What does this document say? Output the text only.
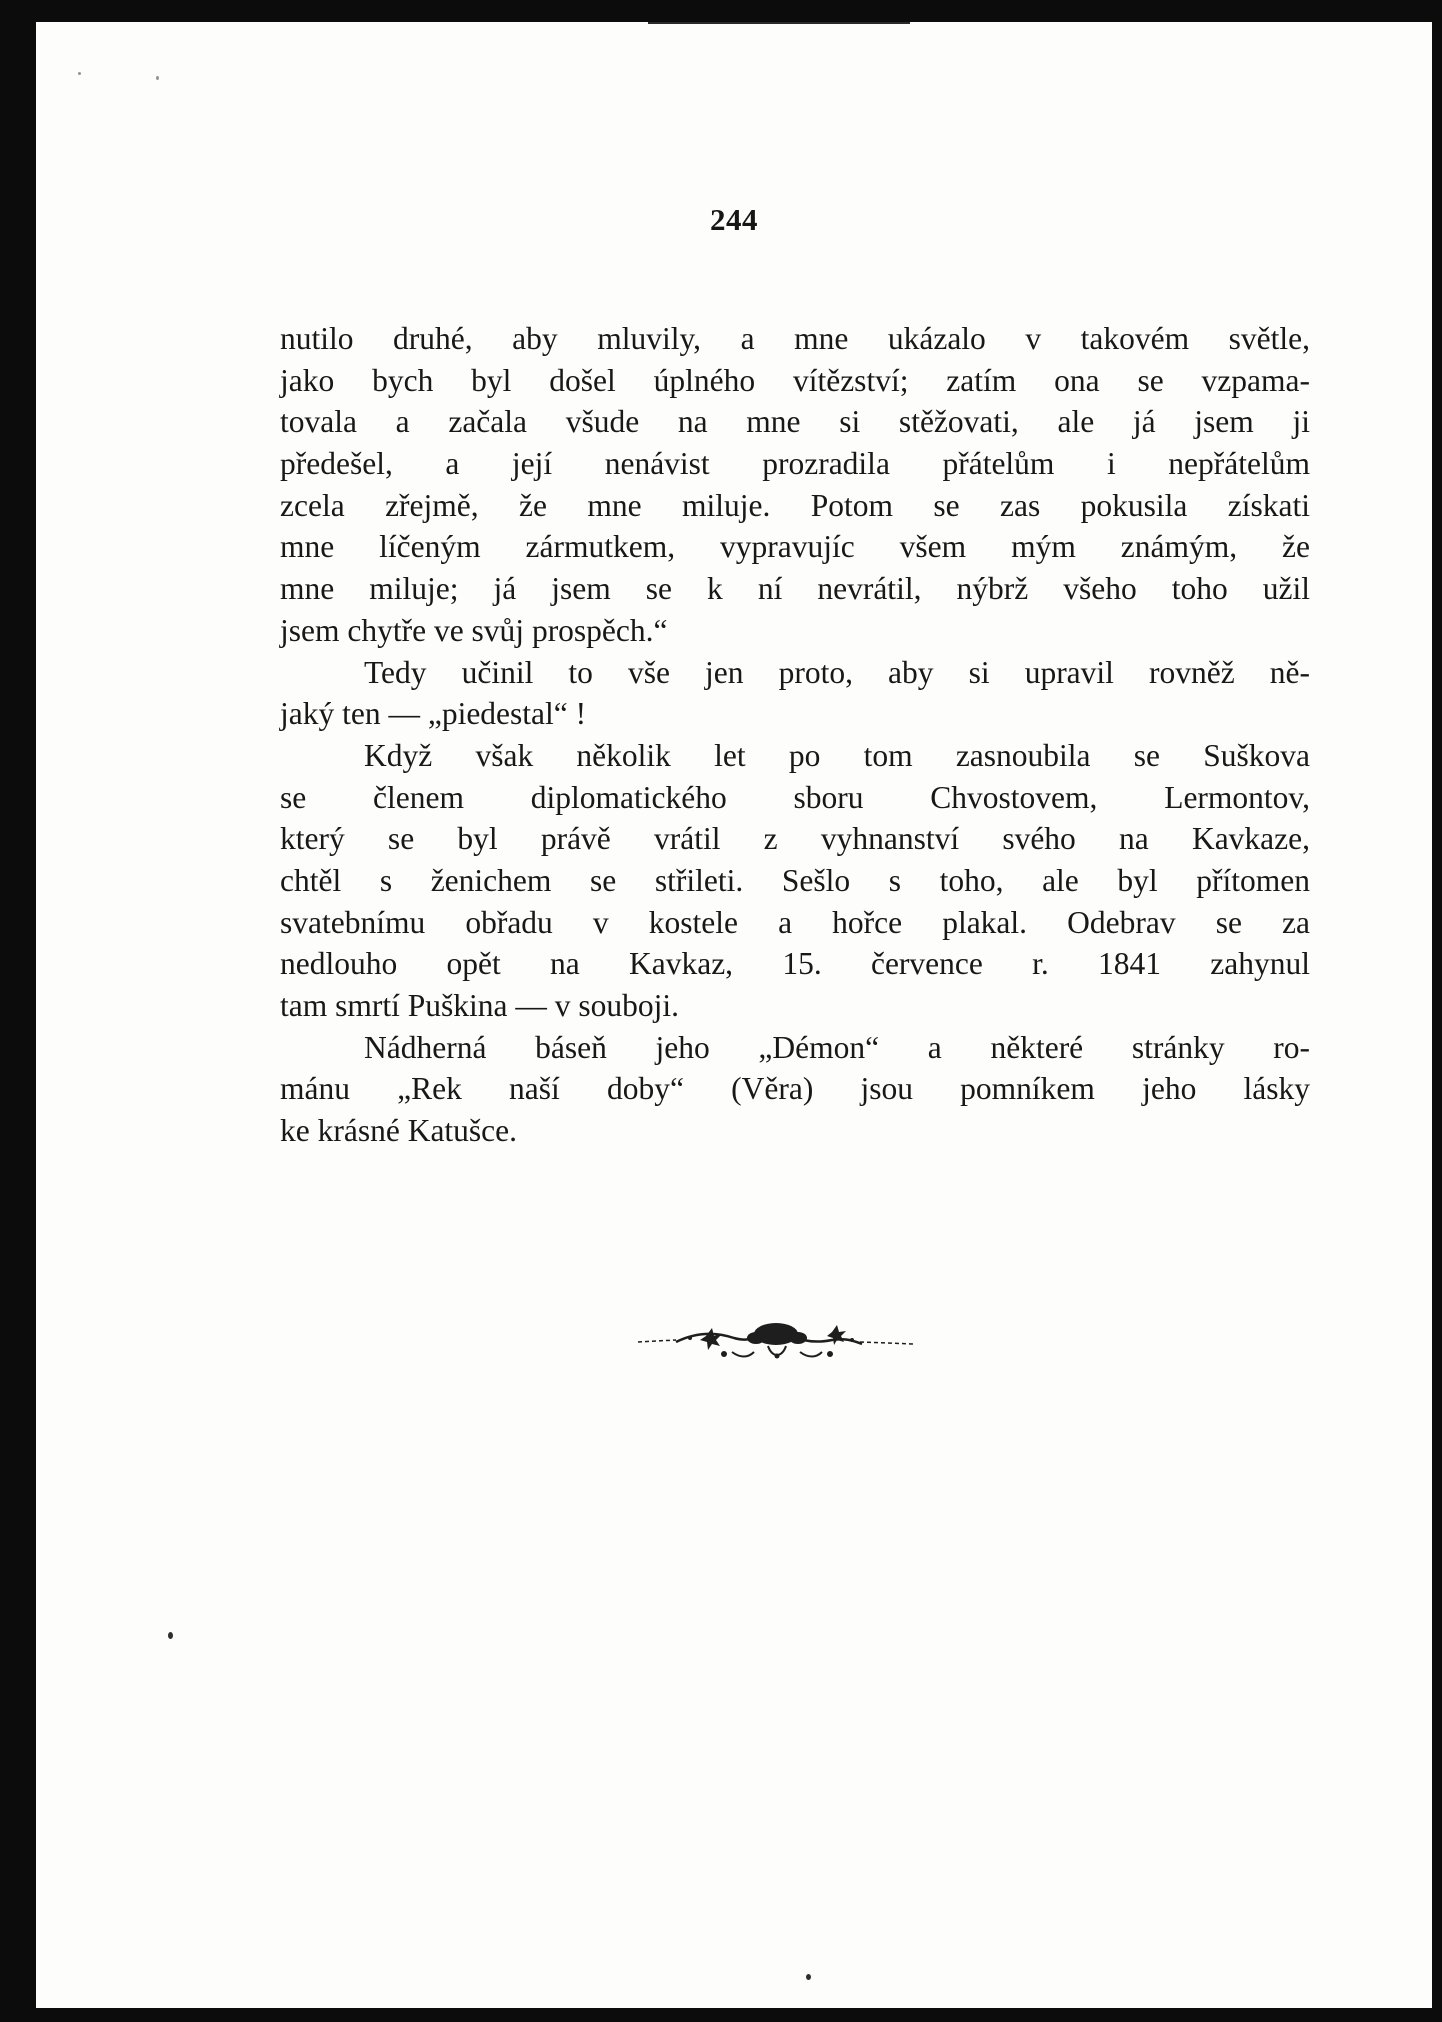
244
nutilo druhé, aby mluvily, a mne ukázalo v takovém světle,
jako bych byl došel úplného vítězství; zatím ona se vzpama-
tovala a začala všude na mne si stěžovati, ale já jsem ji
předešel, a její nenávist prozradila přátelům i nepřátelům
zcela zřejmě, že mne miluje. Potom se zas pokusila získati
mne líčeným zármutkem, vypravujíc všem mým známým, že
mne miluje; já jsem se k ní nevrátil, nýbrž všeho toho užil
jsem chytře ve svůj prospěch.“
Tedy učinil to vše jen proto, aby si upravil rovněž ně-
jaký ten — „piedestal“ !
Když však několik let po tom zasnoubila se Suškova
se členem diplomatického sboru Chvostovem, Lermontov,
který se byl právě vrátil z vyhnanství svého na Kavkaze,
chtěl s ženichem se střileti. Sešlo s toho, ale byl přítomen
svatebnímu obřadu v kostele a hořce plakal. Odebrav se za
nedlouho opět na Kavkaz, 15. července r. 1841 zahynul
tam smrtí Puškina — v souboji.
Nádherná báseň jeho „Démon“ a některé stránky ro-
mánu „Rek naší doby“ (Věra) jsou pomníkem jeho lásky
ke krásné Katušce.
